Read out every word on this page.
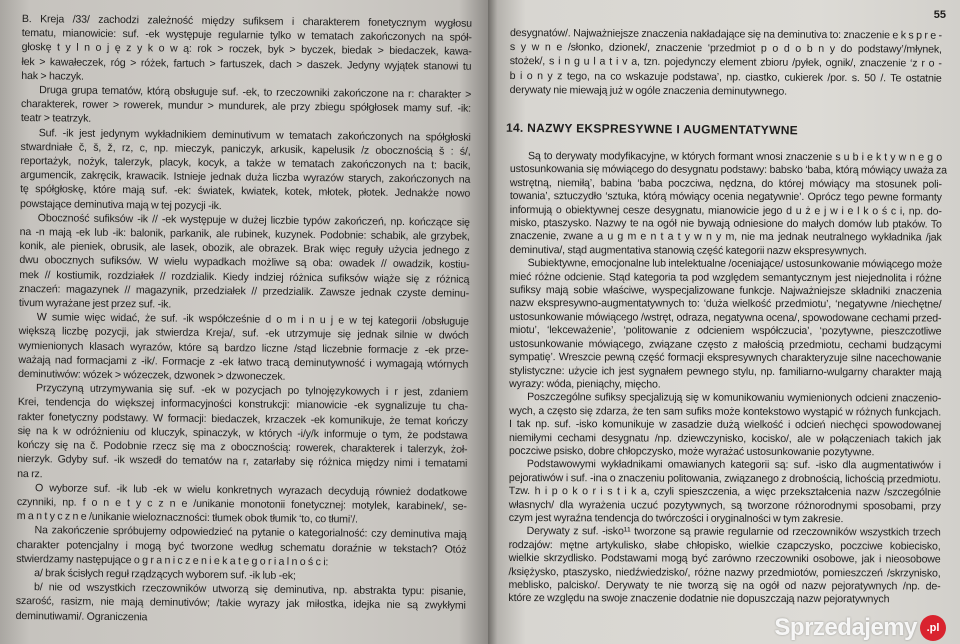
B. Kreja /33/ zachodzi zależność między sufiksem i charakterem fonetycznym wygłosu
tematu, mianowicie: suf. -ek występuje regularnie tylko w tematach zakończonych na spół-
głoskę t y l n o j ę z y k o w ą: rok > roczek, byk > byczek, biedak > biedaczek, kawa-
łek > kawałeczek, róg > różek, fartuch > fartuszek, dach > daszek. Jedyny wyjątek stanowi tu
hak > haczyk.
Druga grupa tematów, którą obsługuje suf. -ek, to rzeczowniki zakończone na r: charakter >
charakterek, rower > rowerek, mundur > mundurek, ale przy zbiegu spółgłosek mamy suf. -ik:
teatr > teatrzyk.
Suf. -ik jest jedynym wykładnikiem deminutivum w tematach zakończonych na spółgłoski
stwardniałe č, š, ž, rz, c, np. mieczyk, paniczyk, arkusik, kapelusik /z obocznością š : ś/,
reportażyk, nożyk, talerzyk, placyk, kocyk, a także w tematach zakończonych na t: bacik,
argumencik, zakręcik, krawacik. Istnieje jednak duża liczba wyrazów starych, zakończonych na
tę spółgłoskę, które mają suf. -ek: światek, kwiatek, kotek, młotek, płotek. Jednakże nowo
powstające deminutiva mają w tej pozycji -ik.
Oboczność sufiksów -ik // -ek występuje w dużej liczbie typów zakończeń, np. kończące się
na -n mają -ek lub -ik: balonik, parkanik, ale rubinek, kuzynek. Podobnie: schabik, ale grzybek,
konik, ale pieniek, obrusik, ale lasek, obozik, ale obrazek. Brak więc reguły użycia jednego z
dwu obocznych sufiksów. W wielu wypadkach możliwe są oba: owadek // owadzik, kostiu-
mek // kostiumik, rozdziałek // rozdzialik. Kiedy indziej różnica sufiksów wiąże się z różnicą
znaczeń: magazynek // magazynik, przedziałek // przedzialik. Zawsze jednak czyste deminu-
tivum wyrażane jest przez suf. -ik.
W sumie więc widać, że suf. -ik współcześnie d o m i n u j e w tej kategorii /obsługuje
większą liczbę pozycji, jak stwierdza Kreja/, suf. -ek utrzymuje się jednak silnie w dwóch
wymienionych klasach wyrazów, które są bardzo liczne /stąd liczebnie formacje z -ek prze-
ważają nad formacjami z -ik/. Formacje z -ek łatwo tracą deminutywność i wymagają wtórnych
deminutiwów: wózek > wózeczek, dzwonek > dzwoneczek.
Przyczyną utrzymywania się suf. -ek w pozycjach po tylnojęzykowych i r jest, zdaniem
Krei, tendencja do większej informacyjności konstrukcji: mianowicie -ek sygnalizuje tu cha-
rakter fonetyczny podstawy. W formacji: biedaczek, krzaczek -ek komunikuje, że temat kończy
się na k w odróżnieniu od kluczyk, spinaczyk, w których -i/y/k informuje o tym, że podstawa
kończy się na č. Podobnie rzecz się ma z obocznością: rowerek, charakterek i talerzyk, żoł-
nierzyk. Gdyby suf. -ik wszedł do tematów na r, zatarłaby się różnica między nimi i tematami
na rz.
O wyborze suf. -ik lub -ek w wielu konkretnych wyrazach decydują również dodatkowe
czynniki, np. f o n e t y c z n e /unikanie monotonii fonetycznej: motylek, karabinek/, se-
m a n t y c z n e /unikanie wieloznaczności: tłumek obok tłumik ‘to, co tłumi’/.
Na zakończenie spróbujemy odpowiedzieć na pytanie o kategorialność: czy deminutiva mają
charakter potencjalny i mogą być tworzone według schematu doraźnie w tekstach? Otóż
stwierdzamy następujące o g r a n i c z e n i e k a t e g o r i a l n o ś c i:
a/ brak ścisłych reguł rządzących wyborem suf. -ik lub -ek;
b/ nie od wszystkich rzeczowników utworzą się deminutiva, np. abstrakta typu: pisanie,
szarość, rasizm, nie mają deminutivów; /takie wyrazy jak miłostka, idejka nie są zwykłymi
deminutiwami/. Ograniczenia
55
desygnatów/. Najważniejsze znaczenia nakładające się na deminutiva to: znaczenie e k s p r e -
s y w n e /słonko, dzionek/, znaczenie ‘przedmiot p o d o b n y do podstawy’/młynek,
stożek/, s i n g u l a t i v a, tzn. pojedynczy element zbioru /pyłek, ognik/, znaczenie ‘z r o -
b i o n y z tego, na co wskazuje podstawa’, np. ciastko, cukierek /por. s. 50 /. Te ostatnie
derywaty nie miewają już w ogóle znaczenia deminutywnego.
14. NAZWY EKSPRESYWNE I AUGMENTATYWNE
Są to derywaty modyfikacyjne, w których formant wnosi znaczenie s u b i e k t y w n e g o
ustosunkowania się mówiącego do desygnatu podstawy: babsko ‘baba, którą mówiący uważa za
wstrętną, niemiłą’, babina ‘baba poczciwa, nędzna, do której mówiący ma stosunek poli-
towania’, sztuczydło ‘sztuka, którą mówiący ocenia negatywnie’. Oprócz tego pewne formanty
informują o obiektywnej cesze desygnatu, mianowicie jego d u ż e j w i e l k o ś c i, np. do-
misko, ptaszysko. Nazwy te na ogół nie bywają odniesione do małych domów lub ptaków. To
znaczenie, zwane a u g m e n t a t y w n y m, nie ma jednak neutralnego wykładnika /jak
deminutiva/, stąd augmentativa stanowią część kategorii nazw ekspresywnych.
Subiektywne, emocjonalne lub intelektualne /oceniające/ ustosunkowanie mówiącego może
mieć różne odcienie. Stąd kategoria ta pod względem semantycznym jest niejednolita i różne
sufiksy mają sobie właściwe, wyspecjalizowane funkcje. Najważniejsze składniki znaczenia
nazw ekspresywno-augmentatywnych to: ‘duża wielkość przedmiotu’, ‘negatywne /niechętne/
ustosunkowanie mówiącego /wstręt, odraza, negatywna ocena/, spowodowane cechami przed-
miotu’, ‘lekceważenie’, ‘politowanie z odcieniem współczucia’, ‘pozytywne, pieszczotliwe
ustosunkowanie mówiącego, związane często z małością przedmiotu, cechami budzącymi
sympatię’. Wreszcie pewną część formacji ekspresywnych charakteryzuje silne nacechowanie
stylistyczne: użycie ich jest sygnałem pewnego stylu, np. familiarno-wulgarny charakter mają
wyrazy: wóda, pieniąchy, mięcho.
Poszczególne sufiksy specjalizują się w komunikowaniu wymienionych odcieni znaczenio-
wych, a często się zdarza, że ten sam sufiks może kontekstowo wystąpić w różnych funkcjach.
I tak np. suf. -isko komunikuje w zasadzie dużą wielkość i odcień niechęci spowodowanej
niemiłymi cechami desygnatu /np. dziewczynisko, kocisko/, ale w połączeniach takich jak
poczciwe psisko, dobre chłopczysko, może wyrażać ustosunkowanie pozytywne.
Podstawowymi wykładnikami omawianych kategorii są: suf. -isko dla augmentatiwów i
pejoratiwów i suf. -ina o znaczeniu politowania, związanego z drobnością, lichością przedmiotu.
Tzw. h i p o k o r i s t i k a, czyli spieszczenia, a więc przekształcenia nazw /szczególnie
własnych/ dla wyrażenia uczuć pozytywnych, są tworzone różnorodnymi sposobami, przy
czym jest wyraźna tendencja do twórczości i oryginalności w tym zakresie.
Derywaty z suf. -isko¹¹ tworzone są prawie regularnie od rzeczowników wszystkich trzech
rodzajów: mętne artykulisko, słabe chłopisko, wielkie czapczysko, poczciwe kobiecisko,
wielkie skrzydlisko. Podstawami mogą być zarówno rzeczowniki osobowe, jak i nieosobowe
/księżysko, ptaszysko, niedźwiedzisko/, różne nazwy przedmiotów, pomieszczeń /skrzynisko,
meblisko, palcisko/. Derywaty te nie tworzą się na ogół od nazw pejoratywnych /np. de-
które ze względu na swoje znaczenie dodatnie nie dopuszczają nazw pejoratywnych
Sprzedajemy .pl
